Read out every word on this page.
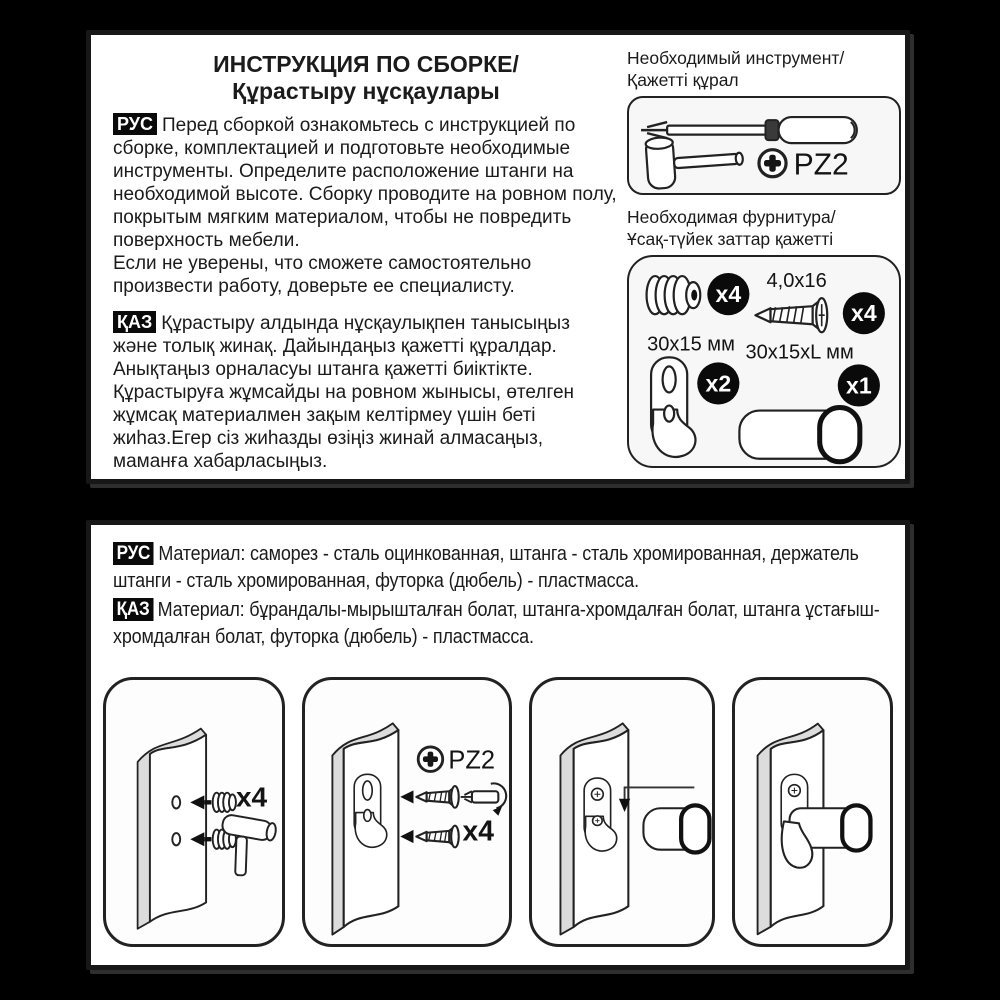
ИНСТРУКЦИЯ ПО СБОРКЕ/
Құрастыру нұсқаулары

РУС Перед сборкой ознакомьтесь с инструкцией по сборке, комплектацией и подготовьте необходимые инструменты. Определите расположение штанги на необходимой высоте. Сборку проводите на ровном полу, покрытым мягким материалом, чтобы не повредить поверхность мебели.
Если не уверены, что сможете самостоятельно произвести работу, доверьте ее специалисту.

ҚАЗ Құрастыру алдында нұсқаулықпен танысыңыз және толық жинақ. Дайындаңыз қажетті құралдар. Анықтаңыз орналасуы штанга қажетті биіктікте.
Құрастыруға жұмсайды на ровном жынысы, өтелген жұмсақ материалмен зақым келтірмеу үшін беті жиһаз.Егер сіз жиһазды өзіңіз жинай алмасаңыз, маманға хабарласыңыз.

Необходимый инструмент/
Қажетті құрал
PZ2
Необходимая фурнитура/
Ұсақ-түйек заттар қажетті
x4
4,0x16
x4
30x15 мм
x2
30x15xL мм
x1
РУС Материал: саморез - сталь оцинкованная, штанга - сталь хромированная, держатель штанги - сталь хромированная, футорка (дюбель) - пластмасса.
ҚАЗ Материал: бұрандалы-мырышталған болат, штанга-хромдалған болат, штанга ұстағыш-хромдалған болат, футорка (дюбель) - пластмасса.
x4
PZ2
x4
